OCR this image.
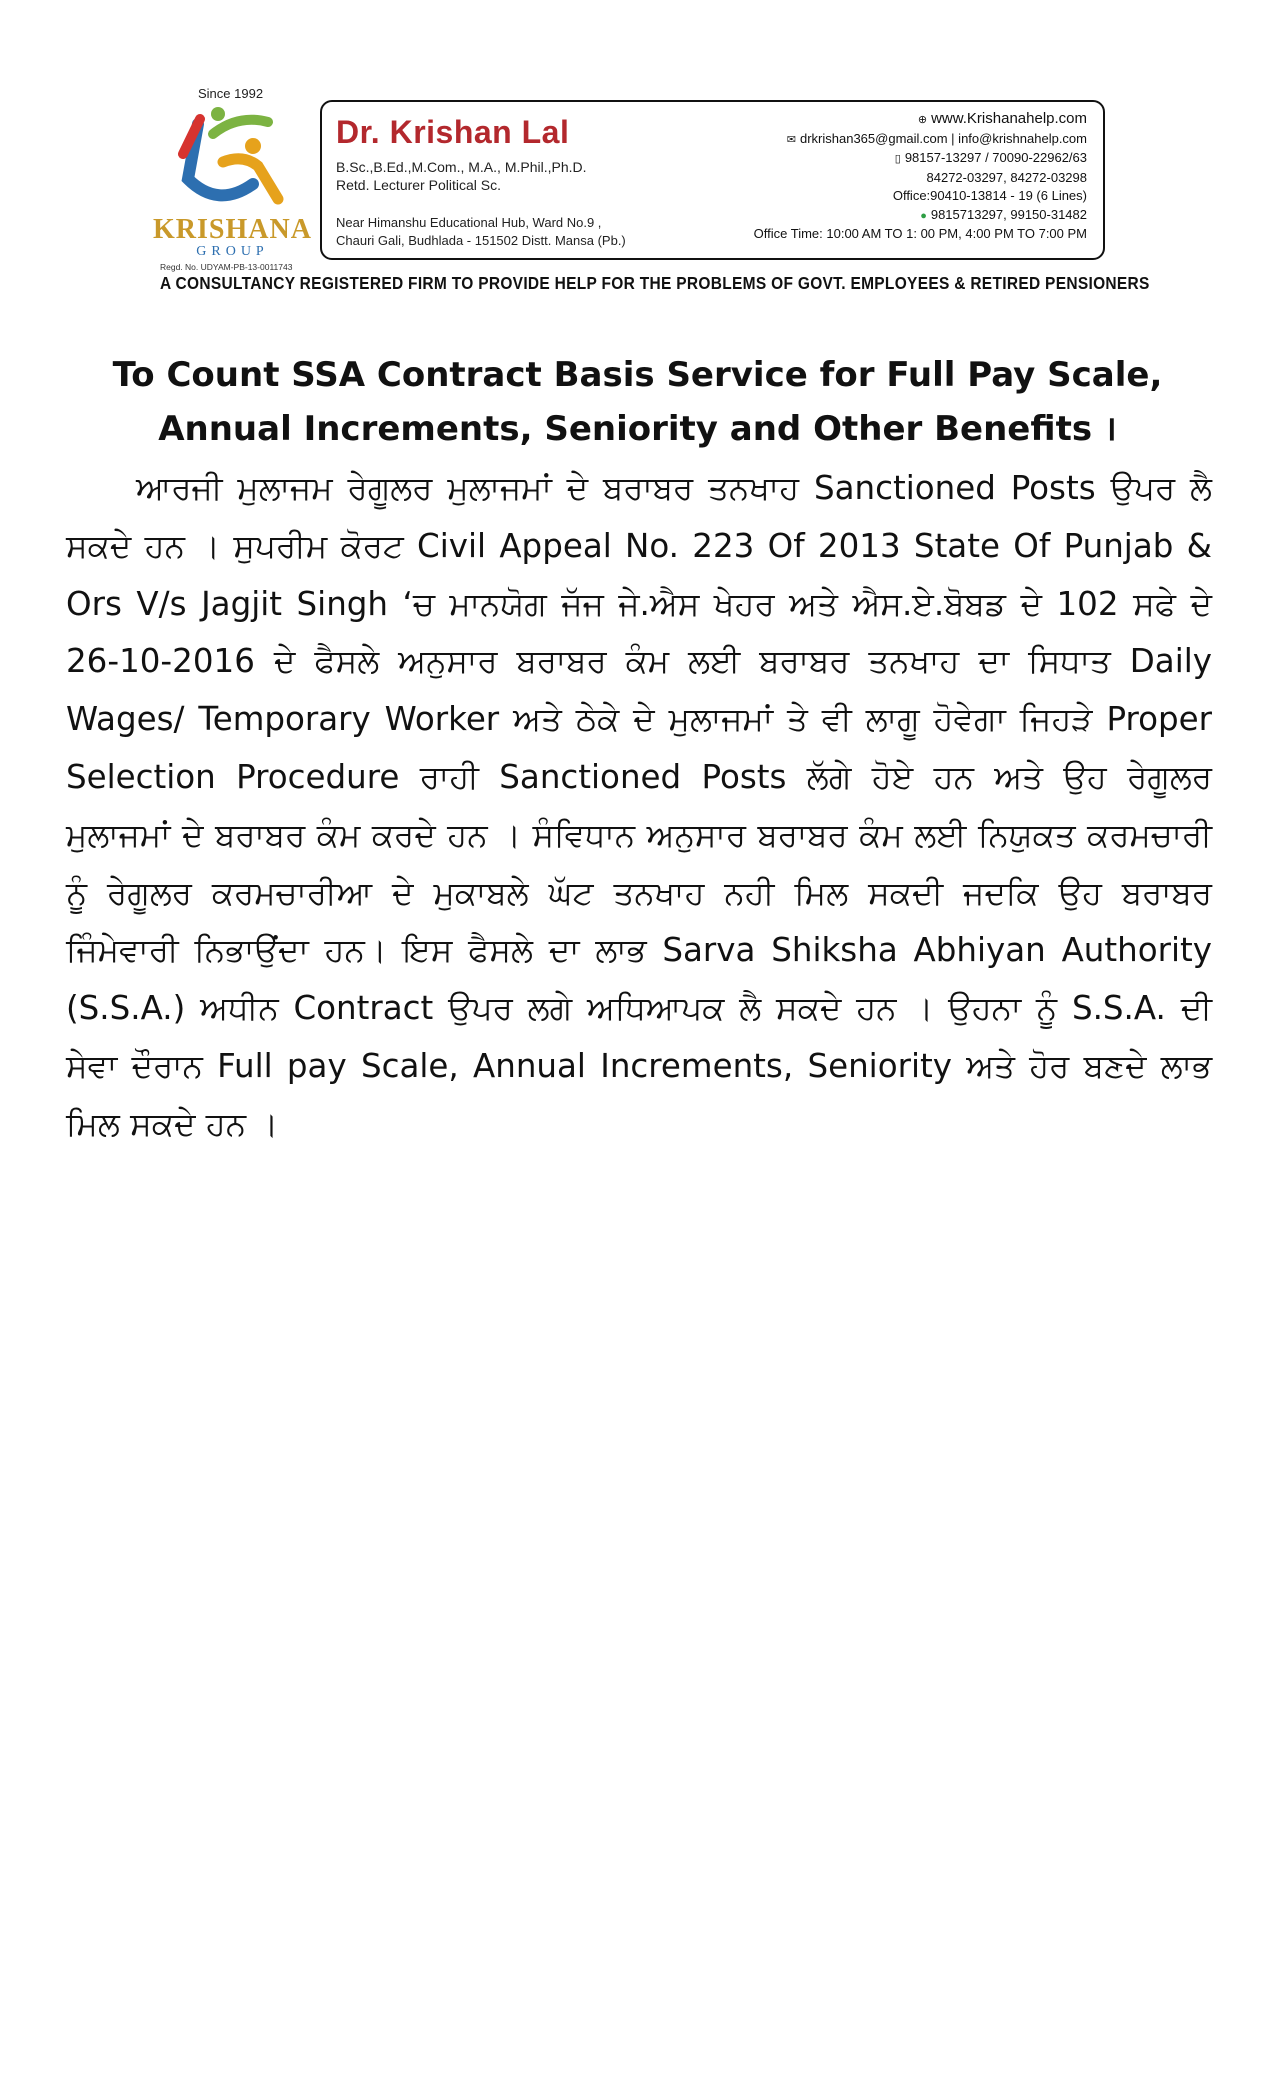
Since 1992
KRISHANA
GROUP
Regd. No. UDYAM-PB-13-0011743
Dr. Krishan Lal
B.Sc.,B.Ed.,M.Com., M.A., M.Phil.,Ph.D.
Retd. Lecturer Political Sc.
Near Himanshu Educational Hub, Ward No.9 ,
Chauri Gali, Budhlada - 151502 Distt. Mansa (Pb.)
⊕ www.Krishanahelp.com
✉ drkrishan365@gmail.com | info@krishnahelp.com
▯ 98157-13297 / 70090-22962/63
84272-03297, 84272-03298
Office:90410-13814 - 19 (6 Lines)
● 9815713297, 99150-31482
Office Time: 10:00 AM TO 1: 00 PM, 4:00 PM TO 7:00 PM
A CONSULTANCY REGISTERED FIRM TO PROVIDE HELP FOR THE PROBLEMS OF GOVT. EMPLOYEES & RETIRED PENSIONERS
To Count SSA Contract Basis Service for Full Pay Scale,
Annual Increments, Seniority and Other Benefits ।
ਆਰਜੀ ਮੁਲਾਜਮ ਰੇਗੂਲਰ ਮੁਲਾਜਮਾਂ ਦੇ ਬਰਾਬਰ ਤਨਖਾਹ Sanctioned Posts ਉਪਰ ਲੈ ਸਕਦੇ ਹਨ । ਸੁਪਰੀਮ ਕੋਰਟ Civil Appeal No. 223 Of 2013 State Of Punjab & Ors V/s Jagjit Singh ‘ਚ ਮਾਨਯੋਗ ਜੱਜ ਜੇ.ਐਸ ਖੇਹਰ ਅਤੇ ਐਸ.ਏ.ਬੋਬਡ ਦੇ 102 ਸਫੇ ਦੇ 26-10-2016 ਦੇ ਫੈਸਲੇ ਅਨੁਸਾਰ ਬਰਾਬਰ ਕੰਮ ਲਈ ਬਰਾਬਰ ਤਨਖਾਹ ਦਾ ਸਿਧਾਤ Daily Wages/ Temporary Worker ਅਤੇ ਠੇਕੇ ਦੇ ਮੁਲਾਜਮਾਂ ਤੇ ਵੀ ਲਾਗੂ ਹੋਵੇਗਾ ਜਿਹੜੇ Proper Selection Procedure ਰਾਹੀ Sanctioned Posts ਲੱਗੇ ਹੋਏ ਹਨ ਅਤੇ ਉਹ ਰੇਗੂਲਰ ਮੁਲਾਜਮਾਂ ਦੇ ਬਰਾਬਰ ਕੰਮ ਕਰਦੇ ਹਨ । ਸੰਵਿਧਾਨ ਅਨੁਸਾਰ ਬਰਾਬਰ ਕੰਮ ਲਈ ਨਿਯੁਕਤ ਕਰਮਚਾਰੀ ਨੂੰ ਰੇਗੂਲਰ ਕਰਮਚਾਰੀਆ ਦੇ ਮੁਕਾਬਲੇ ਘੱਟ ਤਨਖਾਹ ਨਹੀ ਮਿਲ ਸਕਦੀ ਜਦਕਿ ਉਹ ਬਰਾਬਰ ਜਿੰਮੇਵਾਰੀ ਨਿਭਾਉਂਦਾ ਹਨ। ਇਸ ਫੈਸਲੇ ਦਾ ਲਾਭ Sarva Shiksha Abhiyan Authority (S.S.A.) ਅਧੀਨ Contract ਉਪਰ ਲਗੇ ਅਧਿਆਪਕ ਲੈ ਸਕਦੇ ਹਨ । ਉਹਨਾ ਨੂੰ S.S.A. ਦੀ ਸੇਵਾ ਦੌਰਾਨ Full pay Scale, Annual Increments, Seniority ਅਤੇ ਹੋਰ ਬਣਦੇ ਲਾਭ ਮਿਲ ਸਕਦੇ ਹਨ ।
